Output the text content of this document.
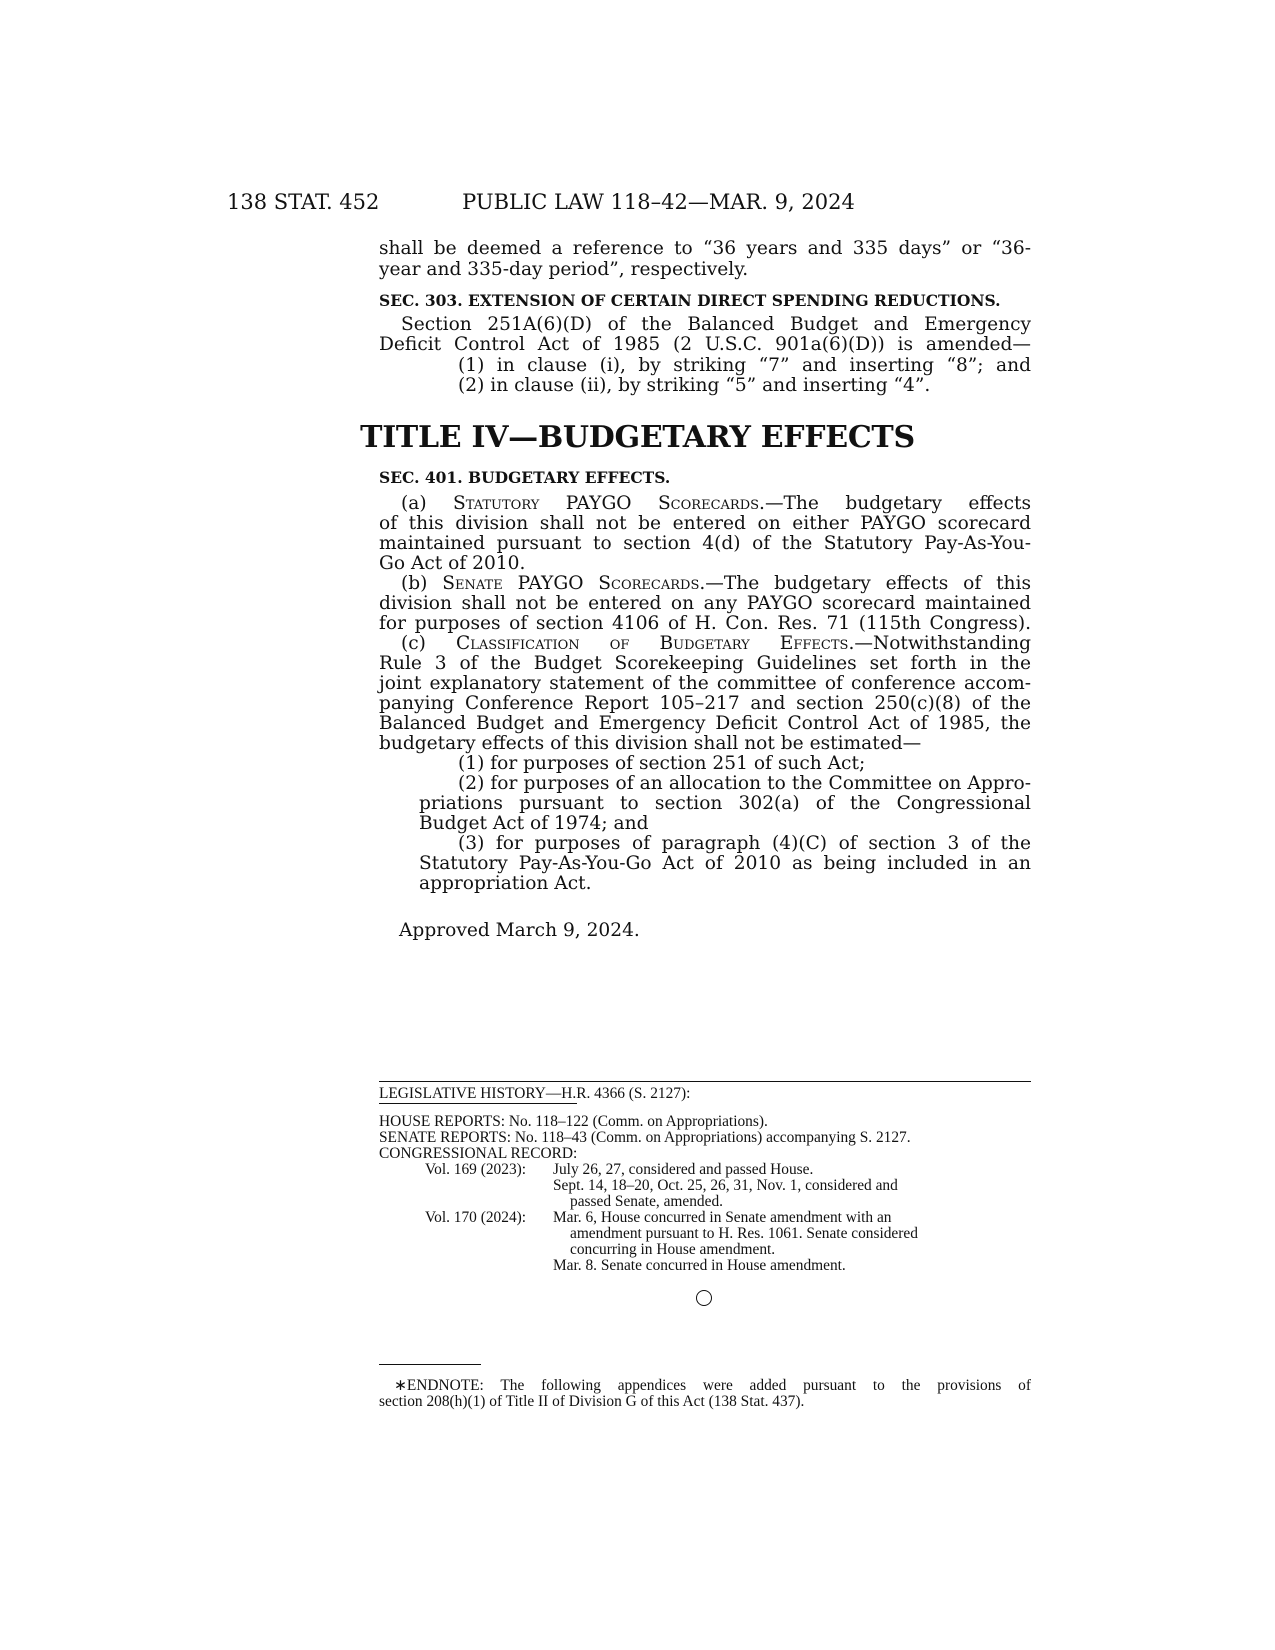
138 STAT. 452	PUBLIC LAW 118–42—MAR. 9, 2024
shall be deemed a reference to “36 years and 335 days” or “36-
year and 335-day period”, respectively.
SEC. 303. EXTENSION OF CERTAIN DIRECT SPENDING REDUCTIONS.
Section 251A(6)(D) of the Balanced Budget and Emergency
Deficit Control Act of 1985 (2 U.S.C. 901a(6)(D)) is amended—
(1) in clause (i), by striking “7” and inserting “8”; and
(2) in clause (ii), by striking “5” and inserting “4”.
TITLE IV—BUDGETARY EFFECTS
SEC. 401. BUDGETARY EFFECTS.
(a) Statutory PAYGO Scorecards.—The budgetary effects
of this division shall not be entered on either PAYGO scorecard
maintained pursuant to section 4(d) of the Statutory Pay-As-You-
Go Act of 2010.
(b) Senate PAYGO Scorecards.—The budgetary effects of this
division shall not be entered on any PAYGO scorecard maintained
for purposes of section 4106 of H. Con. Res. 71 (115th Congress).
(c) Classification of Budgetary Effects.—Notwithstanding
Rule 3 of the Budget Scorekeeping Guidelines set forth in the
joint explanatory statement of the committee of conference accom-
panying Conference Report 105–217 and section 250(c)(8) of the
Balanced Budget and Emergency Deficit Control Act of 1985, the
budgetary effects of this division shall not be estimated—
(1) for purposes of section 251 of such Act;
(2) for purposes of an allocation to the Committee on Appro-
priations pursuant to section 302(a) of the Congressional
Budget Act of 1974; and
(3) for purposes of paragraph (4)(C) of section 3 of the
Statutory Pay-As-You-Go Act of 2010 as being included in an
appropriation Act.
Approved March 9, 2024.
LEGISLATIVE HISTORY—H.R. 4366 (S. 2127):
HOUSE REPORTS: No. 118–122 (Comm. on Appropriations).
SENATE REPORTS: No. 118–43 (Comm. on Appropriations) accompanying S. 2127.
CONGRESSIONAL RECORD:
Vol. 169 (2023): July 26, 27, considered and passed House.
Sept. 14, 18–20, Oct. 25, 26, 31, Nov. 1, considered and
passed Senate, amended.
Vol. 170 (2024): Mar. 6, House concurred in Senate amendment with an
amendment pursuant to H. Res. 1061. Senate considered
concurring in House amendment.
Mar. 8. Senate concurred in House amendment.
∗ENDNOTE: The following appendices were added pursuant to the provisions of
section 208(h)(1) of Title II of Division G of this Act (138 Stat. 437).
